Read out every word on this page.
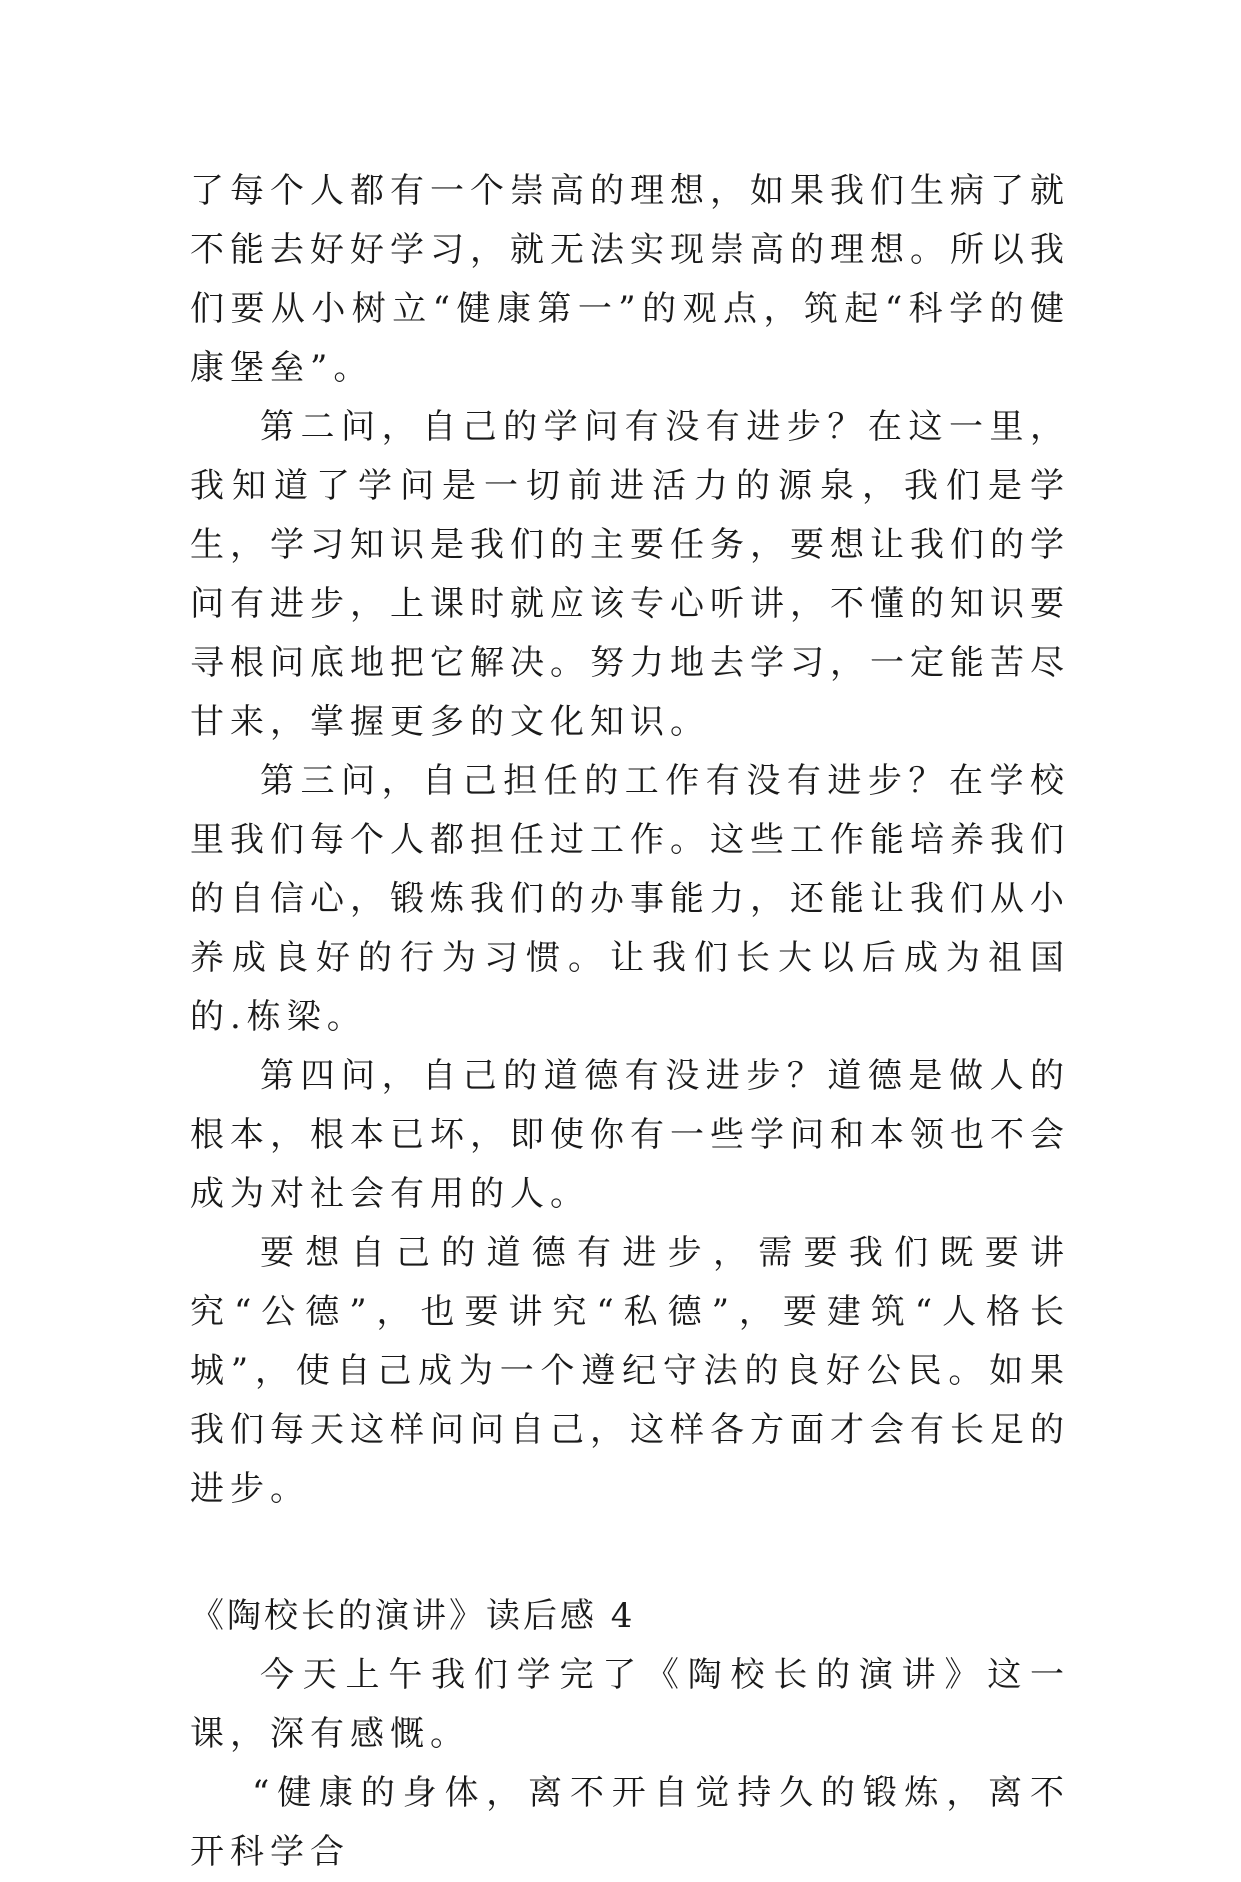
了每个人都有一个崇高的理想，如果我们生病了就不能去好好学习，就无法实现崇高的理想。所以我们要从小树立“健康第一”的观点，筑起“科学的健康堡垒”。

第二问，自己的学问有没有进步？在这一里，我知道了学问是一切前进活力的源泉，我们是学生，学习知识是我们的主要任务，要想让我们的学问有进步，上课时就应该专心听讲，不懂的知识要寻根问底地把它解决。努力地去学习，一定能苦尽甘来，掌握更多的文化知识。

第三问，自己担任的工作有没有进步？在学校里我们每个人都担任过工作。这些工作能培养我们的自信心，锻炼我们的办事能力，还能让我们从小养成良好的行为习惯。让我们长大以后成为祖国的.栋梁。

第四问，自己的道德有没进步？道德是做人的根本，根本已坏，即使你有一些学问和本领也不会成为对社会有用的人。

要想自己的道德有进步，需要我们既要讲究“公德”，也要讲究“私德”，要建筑“人格长城”，使自己成为一个遵纪守法的良好公民。如果我们每天这样问问自己，这样各方面才会有长足的进步。

《陶校长的演讲》读后感 4

今天上午我们学完了《陶校长的演讲》这一课，深有感慨。

“健康的身体，离不开自觉持久的锻炼，离不开科学合
